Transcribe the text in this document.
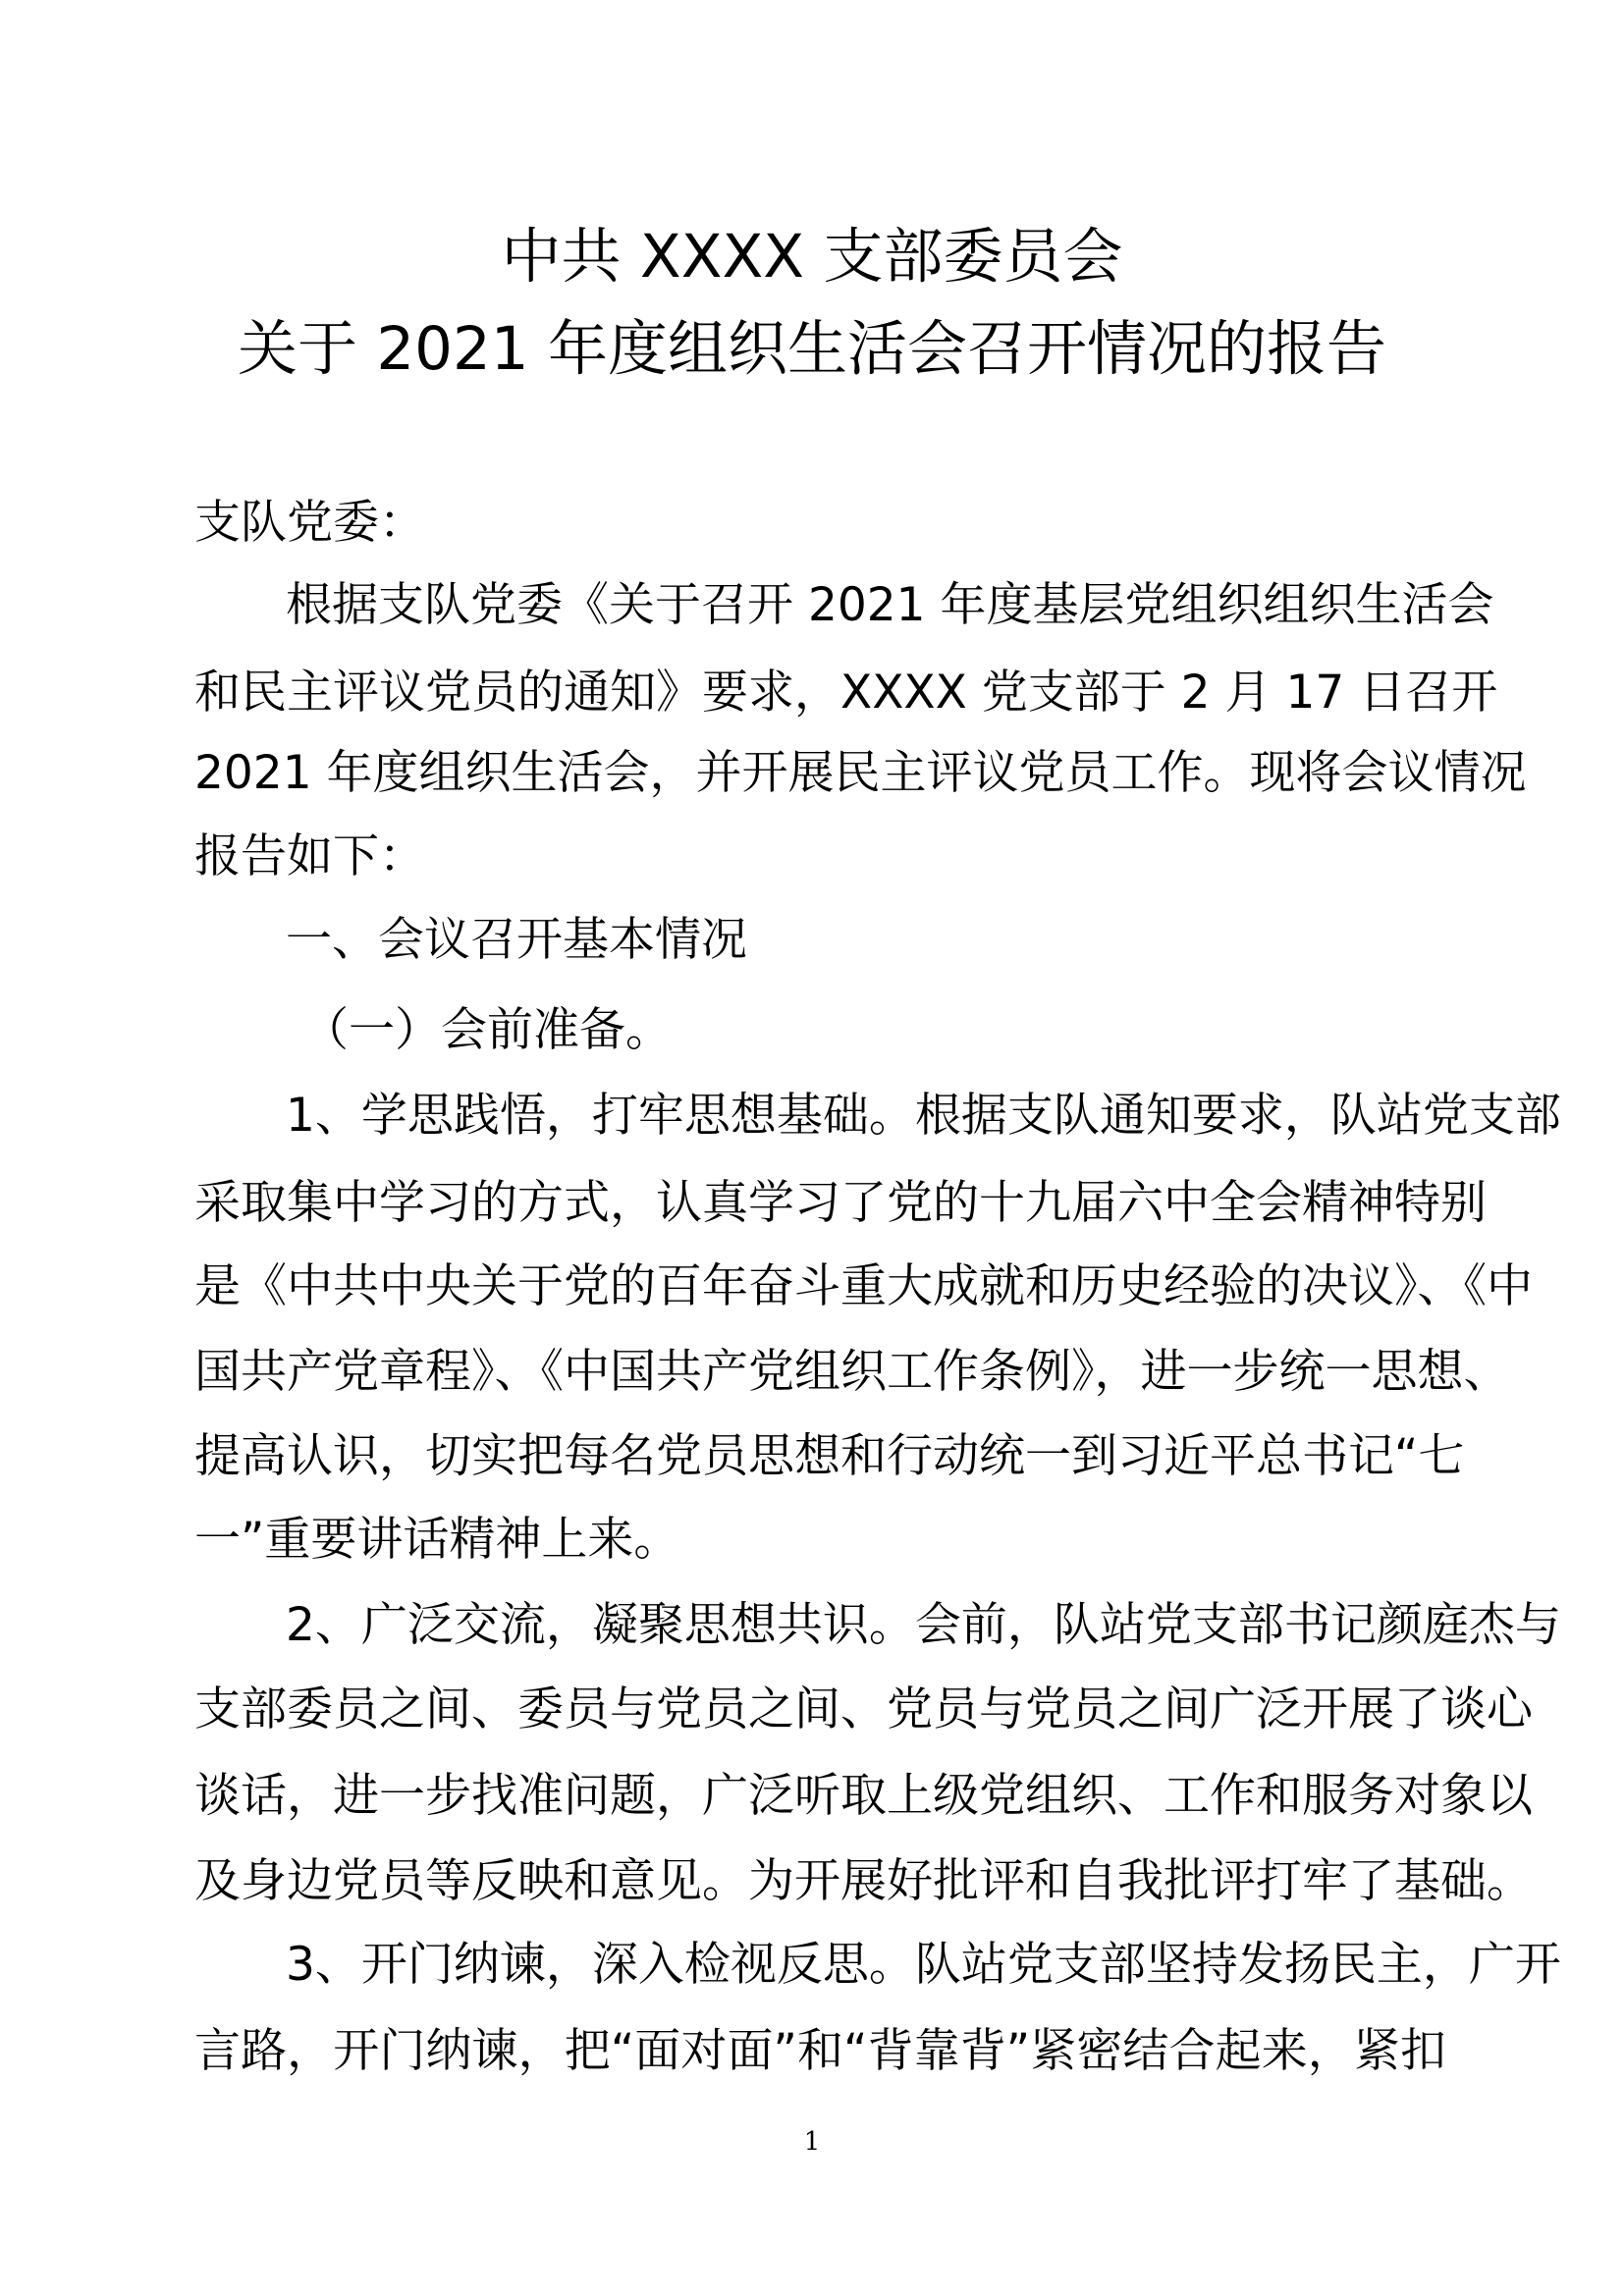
中共 XXXX 支部委员会
关于 2021 年度组织生活会召开情况的报告
支队党委：
根据支队党委《关于召开 2021 年度基层党组织组织生活会
和民主评议党员的通知》要求，XXXX 党支部于 2 月 17 日召开
2021 年度组织生活会，并开展民主评议党员工作。现将会议情况
报告如下：
一、会议召开基本情况
（一）会前准备。
1、学思践悟，打牢思想基础。根据支队通知要求，队站党支部
采取集中学习的方式，认真学习了党的十九届六中全会精神特别
是《中共中央关于党的百年奋斗重大成就和历史经验的决议》、《中
国共产党章程》、《中国共产党组织工作条例》，进一步统一思想、
提高认识，切实把每名党员思想和行动统一到习近平总书记“七
一”重要讲话精神上来。
2、广泛交流，凝聚思想共识。会前，队站党支部书记颜庭杰与
支部委员之间、委员与党员之间、党员与党员之间广泛开展了谈心
谈话，进一步找准问题，广泛听取上级党组织、工作和服务对象以
及身边党员等反映和意见。为开展好批评和自我批评打牢了基础。
3、开门纳谏，深入检视反思。队站党支部坚持发扬民主，广开
言路，开门纳谏，把“面对面”和“背靠背”紧密结合起来，紧扣
1
